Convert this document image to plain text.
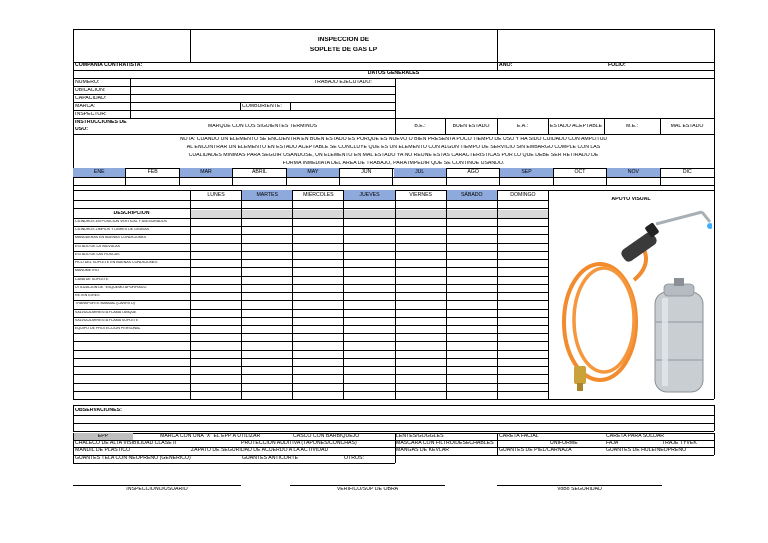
INSPECCIÓN DE
SOPLETE DE GAS LP
COMPAÑÍA CONTRATISTA:	AÑO:	FOLIO:
DATOS GENERALES
NUMERO:	TRABAJO EJECUTADO:
UBICACIÓN:
CAPACIDAD:
MARCA:	COMBURIENTE:
INSPECTOR:
INSTRUCCIONES DE
USO:	MARQUE CON LOS SIGUIENTES TÉRMINOS	B.E.:	BUEN ESTADO	E.A.:	ESTADO ACEPTABLE	M.E.:	MAL ESTADO
NOTA: CUANDO UN ELEMENTO SE ENCUENTRA EN BUEN ESTADO ES PORQUE ES NUEVO O BIEN PRESENTA POCO TIEMPO DE USO Y HA SIDO CUIDADO CON AMPLITUD
AL ENCONTRAR UN ELEMENTO EN ESTADO ACEPTABLE SE CONCLUYE QUE ES UN ELEMENTO CON ALGÚN TIEMPO DE SERVICIO SIN EMBARGO CUMPLE CON LAS
CUALIDADES MÍNIMAS PARA SEGUIR USÁNDOSE, UN ELEMENTO EN MAL ESTADO YA NO REÚNE ESTAS CARACTERÍSTICAS POR LO QUE DEBE SER RETIRADO DE
FORMA INMEDIATA DEL ÁREA DE TRABAJO, PARA IMPEDIR QUE SE CONTINUE USANDO.
ENE	FEB	MAR	ABRIL	MAY	JUN	JUL	AGO	SEP	OCT	NOV	DIC
LUNES	MARTES	MIÉRCOLES	JUEVES	VIERNES	SÁBADO	DOMINGO
APOYO VISUAL
DESCRIPCIÓN
CILINDROS EN POSICIÓN VERTICAL Y ASEGURADOS
CILINDROS LIMPIOS Y LIBRES DE GRASAS
MANGUERAS EN BUENAS CONDICIONES
ESTADO DE LA VÁLVULAS
ESTADO DE LAS ROSCAS
PICO DEL SOPLETE EN BUENAS CONDICIONES
MANÓMETRO
CAÑA DE SOPLETE
UTILIZACIÓN DE "ESQUEMO APORPIAGO
RETENTORES
TRANSPORTE MANUAL (CARRITO)
VÁLVULA ARRESTA FLAMA TANQUE
VÁLVULA ARRESTA FLAMA SOPLETE
EQUIPO DE PROTECCIÓN PERSONAL
OBSERVACIONES:
EPP	MARCA CON UNA "X" EL EPP A UTILIZAR	CASCO CON BARBIQUEJO	LENTES/GOGGLES	CARETA FACIAL	CARETA PARA SOLDAR
CHALECO DE ALTA VISIBILIDAD CLASE II	PROTECCIÓN AUDITIVA (TAPONES/CONCHAS)	MASCARA CON FILTRO/DESECHABLES	UNIFORME	FAJA	TRAJE TYVEK
MANDIL DE PLÁSTICO	ZAPATO DE SEGURIDAD DE ACUERDO A LA ACTIVIDAD	MANGAS DE KEVLAR	GUANTES DE PIEL/CARNAZA	GUANTES DE HULE/NEOPRENO
GUANTES TELA CON NEOPRENO (GENÉRICO)	GUANTES ANTICORTE	OTROS:
INSPECCIONÓ/USUARIO	VERIFICÓ/SUP DE OBRA	VoBo SEGURIDAD
